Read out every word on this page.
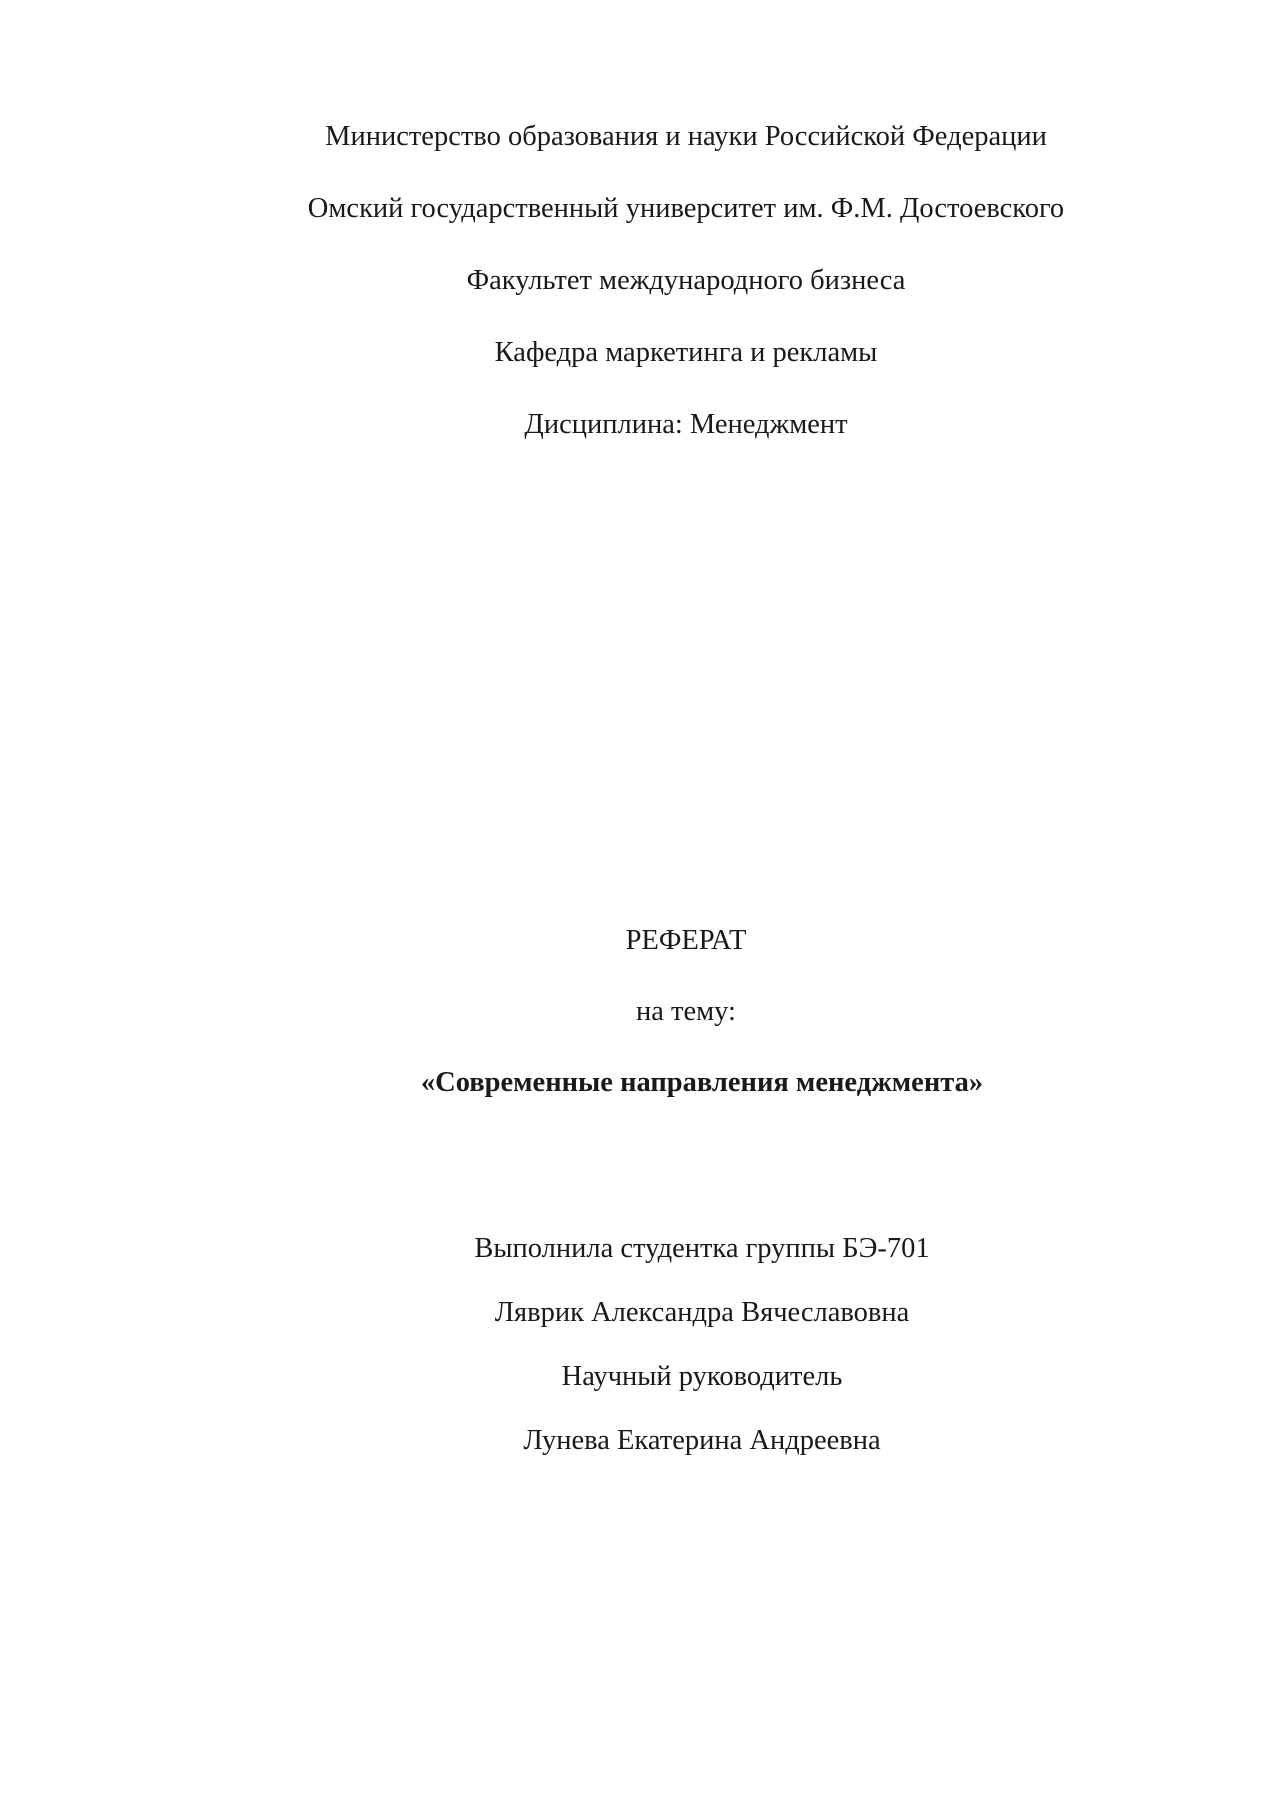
Министерство образования и науки Российской Федерации
Омский государственный университет им. Ф.М. Достоевского
Факультет международного бизнеса
Кафедра маркетинга и рекламы
Дисциплина: Менеджмент
РЕФЕРАТ
на тему:
«Современные направления менеджмента»
Выполнила студентка группы БЭ-701
Ляврик Александра Вячеславовна
Научный руководитель
Лунева Екатерина Андреевна
